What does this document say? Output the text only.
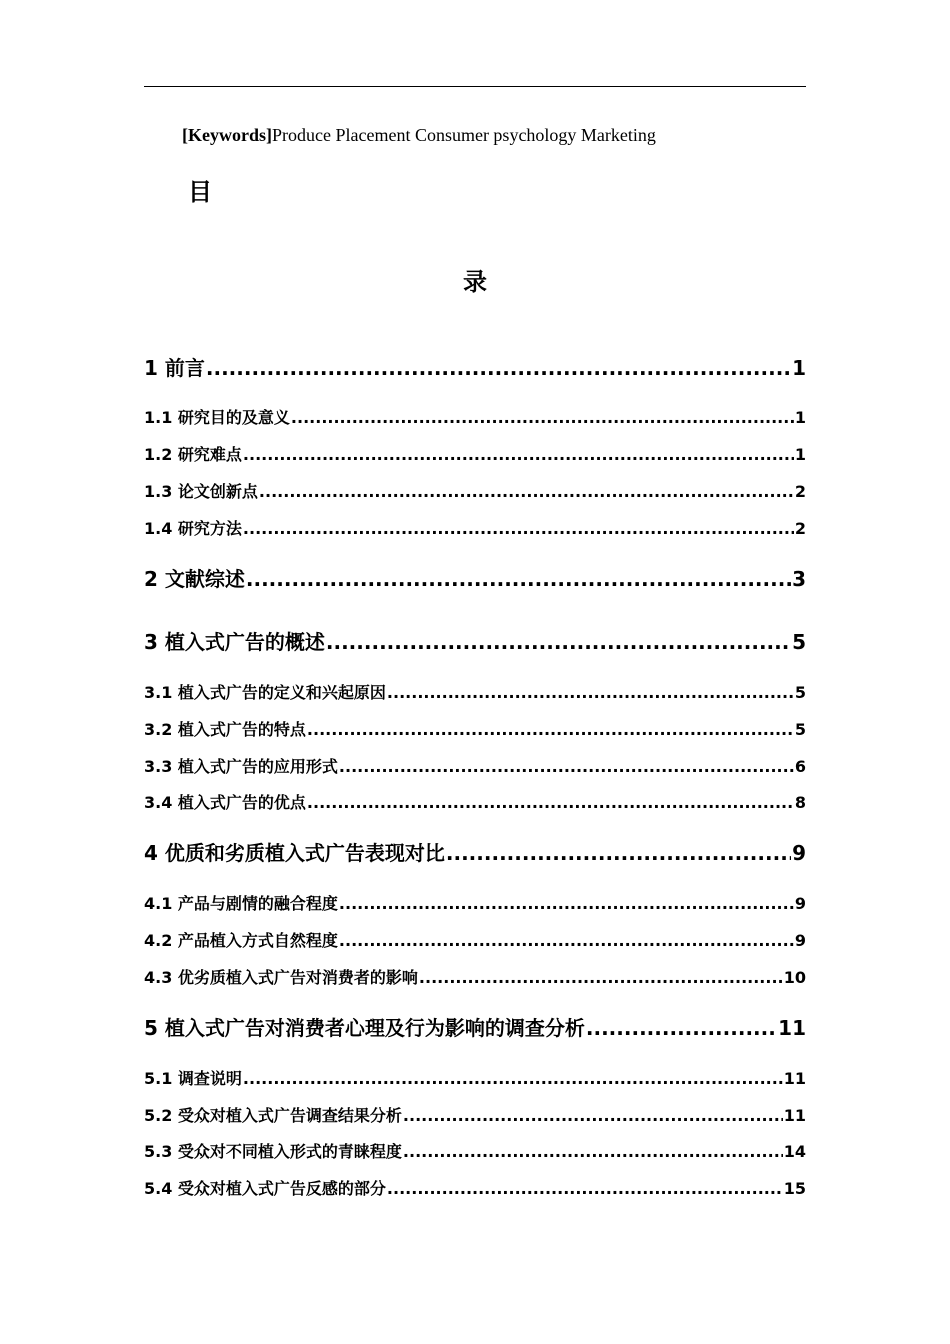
[Keywords]Produce Placement Consumer psychology Marketing
目
录
1 前言 .....	1
1.1 研究目的及意义 .....	1
1.2 研究难点 .....	1
1.3 论文创新点 .....	2
1.4 研究方法 .....	2
2 文献综述 .....	3
3 植入式广告的概述 .....	5
3.1 植入式广告的定义和兴起原因 .....	5
3.2 植入式广告的特点 .....	5
3.3 植入式广告的应用形式 .....	6
3.4 植入式广告的优点 .....	8
4 优质和劣质植入式广告表现对比 .....	9
4.1 产品与剧情的融合程度 .....	9
4.2 产品植入方式自然程度 .....	9
4.3 优劣质植入式广告对消费者的影响 .....	10
5 植入式广告对消费者心理及行为影响的调查分析 .....	11
5.1 调查说明 .....	11
5.2 受众对植入式广告调查结果分析 .....	11
5.3 受众对不同植入形式的青睐程度 .....	14
5.4 受众对植入式广告反感的部分 .....	15
